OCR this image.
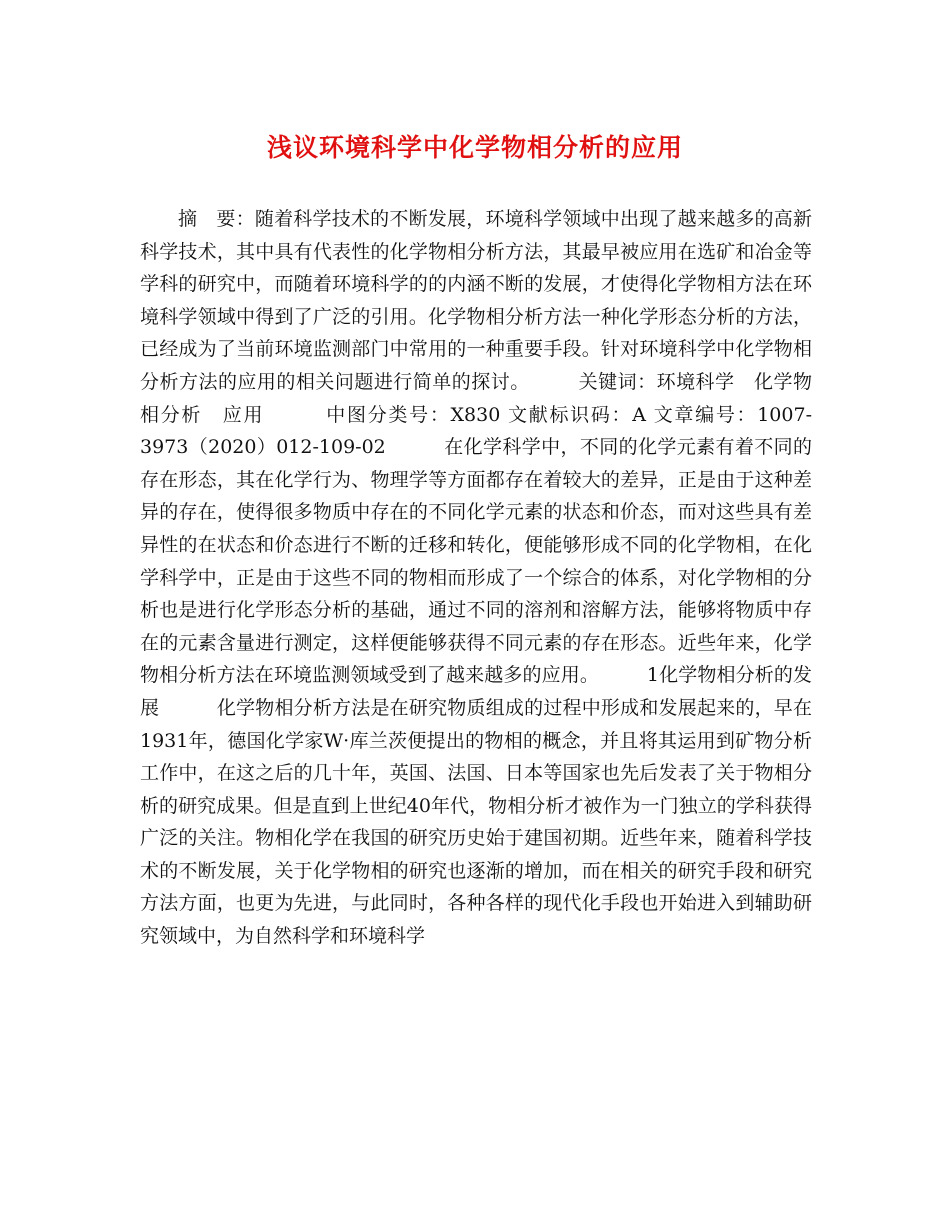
浅议环境科学中化学物相分析的应用

摘　要：随着科学技术的不断发展，环境科学领域中出现了越来越多的高新科学技术，其中具有代表性的化学物相分析方法，其最早被应用在选矿和冶金等学科的研究中，而随着环境科学的的内涵不断的发展，才使得化学物相方法在环境科学领域中得到了广泛的引用。化学物相分析方法一种化学形态分析的方法，已经成为了当前环境监测部门中常用的一种重要手段。针对环境科学中化学物相分析方法的应用的相关问题进行简单的探讨。　　　关键词：环境科学　化学物相分析　应用　　　中图分类号：X830 文献标识码：A 文章编号：1007-3973（2020）012-109-02　　　在化学科学中，不同的化学元素有着不同的存在形态，其在化学行为、物理学等方面都存在着较大的差异，正是由于这种差异的存在，使得很多物质中存在的不同化学元素的状态和价态，而对这些具有差异性的在状态和价态进行不断的迁移和转化，便能够形成不同的化学物相，在化学科学中，正是由于这些不同的物相而形成了一个综合的体系，对化学物相的分析也是进行化学形态分析的基础，通过不同的溶剂和溶解方法，能够将物质中存在的元素含量进行测定，这样便能够获得不同元素的存在形态。近些年来，化学物相分析方法在环境监测领域受到了越来越多的应用。　　　1化学物相分析的发展　　　化学物相分析方法是在研究物质组成的过程中形成和发展起来的，早在1931年，德国化学家W·库兰茨便提出的物相的概念，并且将其运用到矿物分析工作中，在这之后的几十年，英国、法国、日本等国家也先后发表了关于物相分析的研究成果。但是直到上世纪40年代，物相分析才被作为一门独立的学科获得广泛的关注。物相化学在我国的研究历史始于建国初期。近些年来，随着科学技术的不断发展，关于化学物相的研究也逐渐的增加，而在相关的研究手段和研究方法方面，也更为先进，与此同时，各种各样的现代化手段也开始进入到辅助研究领域中，为自然科学和环境科学
